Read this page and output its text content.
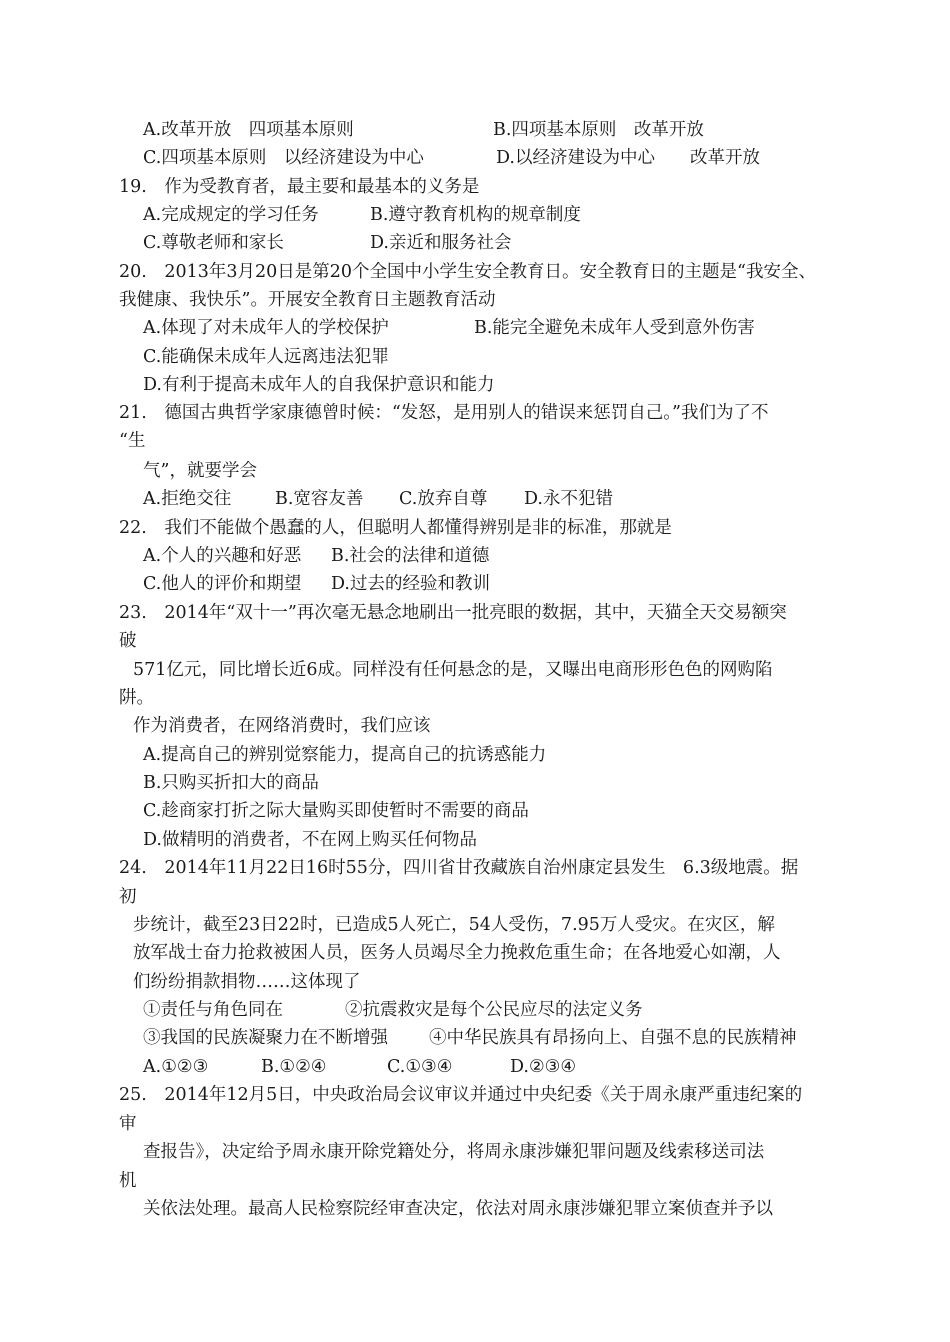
A.改革开放　四项基本原则	B.四项基本原则　改革开放
C.四项基本原则　以经济建设为中心	D.以经济建设为中心　　改革开放
19.　作为受教育者，最主要和最基本的义务是
A.完成规定的学习任务	B.遵守教育机构的规章制度
C.尊敬老师和家长	D.亲近和服务社会
20.　2013年3月20日是第20个全国中小学生安全教育日。安全教育日的主题是“我安全、
我健康、我快乐”。开展安全教育日主题教育活动
A.体现了对未成年人的学校保护	B.能完全避免未成年人受到意外伤害
C.能确保未成年人远离违法犯罪
D.有利于提高未成年人的自我保护意识和能力
21.　德国古典哲学家康德曾时候：“发怒，是用别人的错误来惩罚自己。”我们为了不
“生
气”，就要学会
A.拒绝交往	B.宽容友善 C.放弃自尊 D.永不犯错
22.　我们不能做个愚蠢的人，但聪明人都懂得辨别是非的标准，那就是
A.个人的兴趣和好恶 B.社会的法律和道德
C.他人的评价和期望 D.过去的经验和教训
23.　2014年“双十一”再次毫无悬念地刷出一批亮眼的数据，其中，天猫全天交易额突
破
571亿元，同比增长近6成。同样没有任何悬念的是，又曝出电商形形色色的网购陷
阱。
作为消费者，在网络消费时，我们应该
A.提高自己的辨别觉察能力，提高自己的抗诱惑能力
B.只购买折扣大的商品
C.趁商家打折之际大量购买即使暂时不需要的商品
D.做精明的消费者，不在网上购买任何物品
24.　2014年11月22日16时55分，四川省甘孜藏族自治州康定县发生　6.3级地震。据
初
步统计，截至23日22时，已造成5人死亡，54人受伤，7.95万人受灾。在灾区，解
放军战士奋力抢救被困人员，医务人员竭尽全力挽救危重生命；在各地爱心如潮，人
们纷纷捐款捐物……这体现了
①责任与角色同在	②抗震救灾是每个公民应尽的法定义务
③我国的民族凝聚力在不断增强 ④中华民族具有昂扬向上、自强不息的民族精神
A.①②③	B.①②④	C.①③④	D.②③④
25.　2014年12月5日，中央政治局会议审议并通过中央纪委《关于周永康严重违纪案的
审
查报告》，决定给予周永康开除党籍处分，将周永康涉嫌犯罪问题及线索移送司法
机
关依法处理。最高人民检察院经审查决定，依法对周永康涉嫌犯罪立案侦查并予以
